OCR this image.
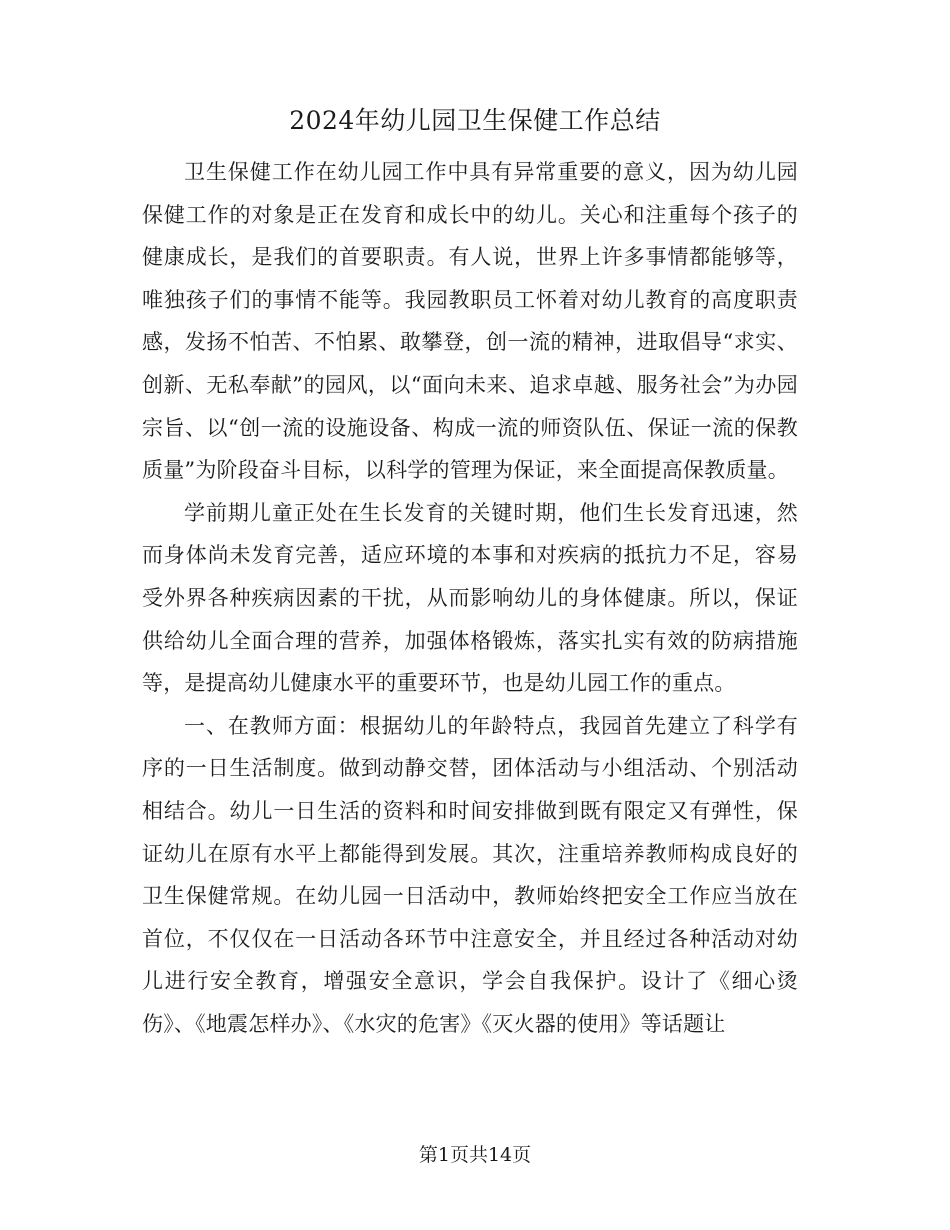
2024年幼儿园卫生保健工作总结

卫生保健工作在幼儿园工作中具有异常重要的意义，因为幼儿园保健工作的对象是正在发育和成长中的幼儿。关心和注重每个孩子的健康成长，是我们的首要职责。有人说，世界上许多事情都能够等，唯独孩子们的事情不能等。我园教职员工怀着对幼儿教育的高度职责感，发扬不怕苦、不怕累、敢攀登，创一流的精神，进取倡导“求实、创新、无私奉献”的园风，以“面向未来、追求卓越、服务社会”为办园宗旨、以“创一流的设施设备、构成一流的师资队伍、保证一流的保教质量”为阶段奋斗目标，以科学的管理为保证，来全面提高保教质量。

学前期儿童正处在生长发育的关键时期，他们生长发育迅速，然而身体尚未发育完善，适应环境的本事和对疾病的抵抗力不足，容易受外界各种疾病因素的干扰，从而影响幼儿的身体健康。所以，保证供给幼儿全面合理的营养，加强体格锻炼，落实扎实有效的防病措施等，是提高幼儿健康水平的重要环节，也是幼儿园工作的重点。

一、在教师方面：根据幼儿的年龄特点，我园首先建立了科学有序的一日生活制度。做到动静交替，团体活动与小组活动、个别活动相结合。幼儿一日生活的资料和时间安排做到既有限定又有弹性，保证幼儿在原有水平上都能得到发展。其次，注重培养教师构成良好的卫生保健常规。在幼儿园一日活动中，教师始终把安全工作应当放在首位，不仅仅在一日活动各环节中注意安全，并且经过各种活动对幼儿进行安全教育，增强安全意识，学会自我保护。设计了《细心烫伤》、《地震怎样办》、《水灾的危害》《灭火器的使用》等话题让

第1页共14页
